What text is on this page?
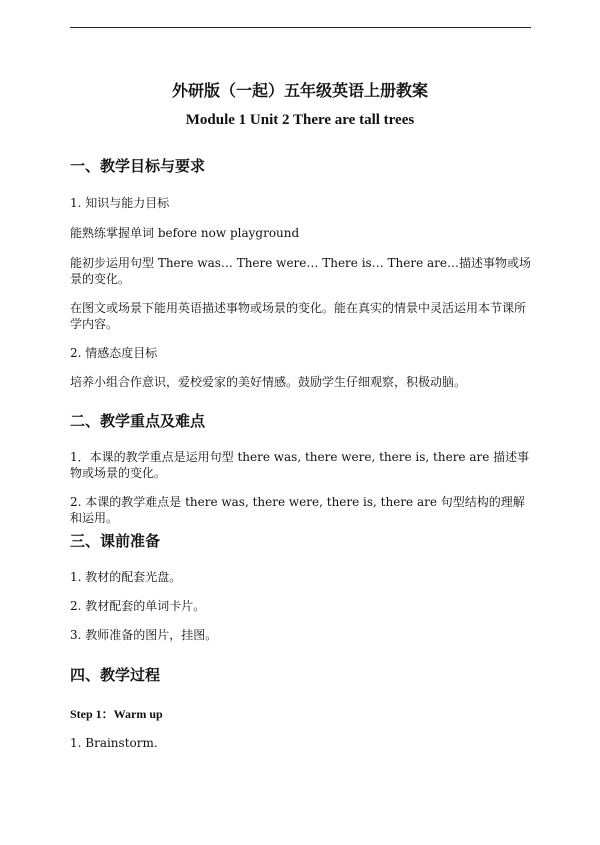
外研版（一起）五年级英语上册教案
Module 1 Unit 2 There are tall trees
一、教学目标与要求
1. 知识与能力目标
能熟练掌握单词 before now playground
能初步运用句型 There was… There were… There is… There are…描述事物或场景的变化。
在图文或场景下能用英语描述事物或场景的变化。能在真实的情景中灵活运用本节课所学内容。
2. 情感态度目标
培养小组合作意识，爱校爱家的美好情感。鼓励学生仔细观察，积极动脑。
二、教学重点及难点
1．本课的教学重点是运用句型 there was, there were, there is, there are 描述事物或场景的变化。
2. 本课的教学难点是 there was, there were, there is, there are 句型结构的理解和运用。
三、课前准备
1. 教材的配套光盘。
2. 教材配套的单词卡片。
3. 教师准备的图片，挂图。
四、教学过程
Step 1：Warm up
1. Brainstorm.
